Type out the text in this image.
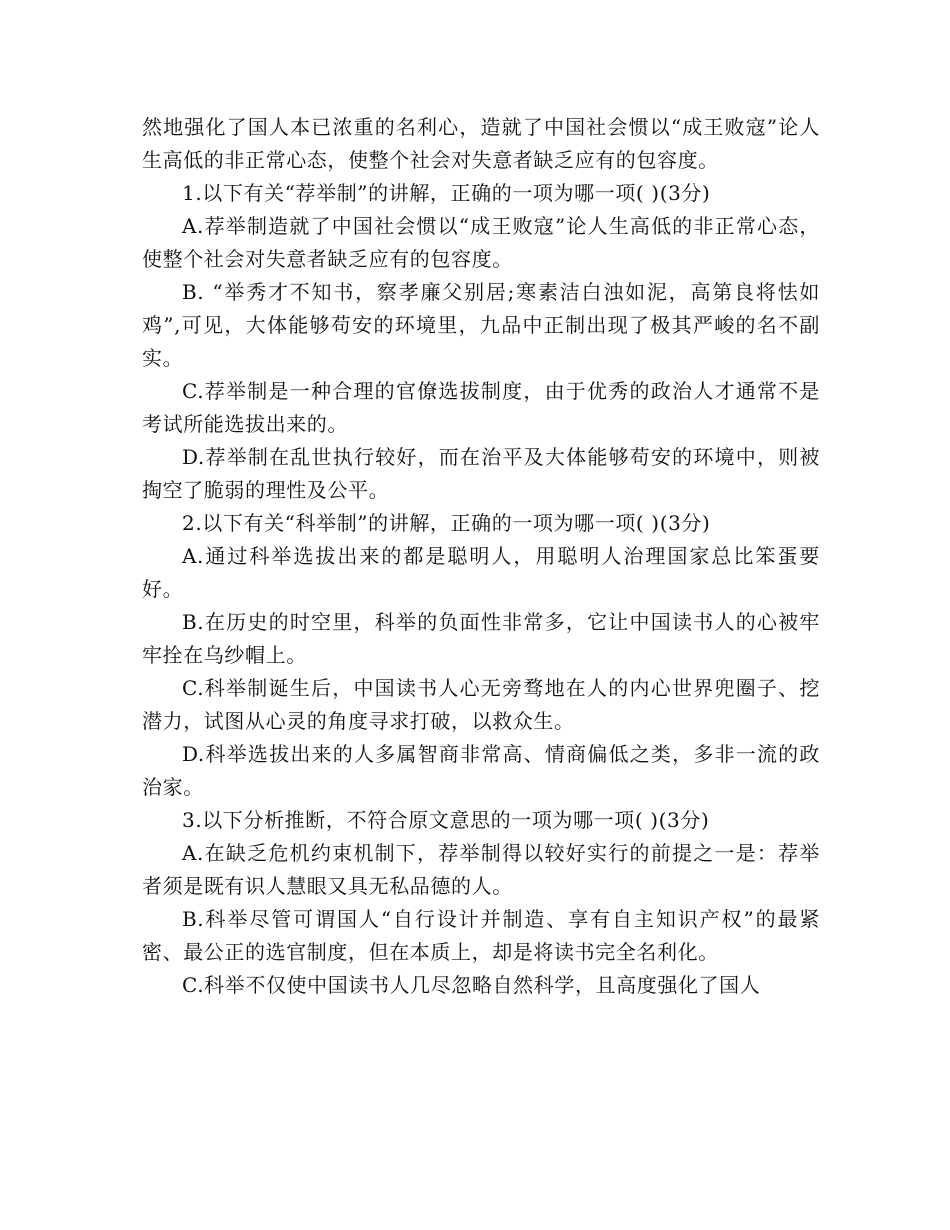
然地强化了国人本已浓重的名利心，造就了中国社会惯以“成王败寇”论人生高低的非正常心态，使整个社会对失意者缺乏应有的包容度。

1.以下有关“荐举制”的讲解，正确的一项为哪一项( )(3分)

A.荐举制造就了中国社会惯以“成王败寇”论人生高低的非正常心态，使整个社会对失意者缺乏应有的包容度。

B. “举秀才不知书，察孝廉父别居;寒素洁白浊如泥，高第良将怯如鸡”,可见，大体能够苟安的环境里，九品中正制出现了极其严峻的名不副实。

C.荐举制是一种合理的官僚选拔制度，由于优秀的政治人才通常不是考试所能选拔出来的。

D.荐举制在乱世执行较好，而在治平及大体能够苟安的环境中，则被掏空了脆弱的理性及公平。

2.以下有关“科举制”的讲解，正确的一项为哪一项( )(3分)

A.通过科举选拔出来的都是聪明人，用聪明人治理国家总比笨蛋要好。

B.在历史的时空里，科举的负面性非常多，它让中国读书人的心被牢牢拴在乌纱帽上。

C.科举制诞生后，中国读书人心无旁骛地在人的内心世界兜圈子、挖潜力，试图从心灵的角度寻求打破，以救众生。

D.科举选拔出来的人多属智商非常高、情商偏低之类，多非一流的政治家。

3.以下分析推断，不符合原文意思的一项为哪一项( )(3分)

A.在缺乏危机约束机制下，荐举制得以较好实行的前提之一是：荐举者须是既有识人慧眼又具无私品德的人。

B.科举尽管可谓国人“自行设计并制造、享有自主知识产权”的最紧密、最公正的选官制度，但在本质上，却是将读书完全名利化。

C.科举不仅使中国读书人几尽忽略自然科学，且高度强化了国人
